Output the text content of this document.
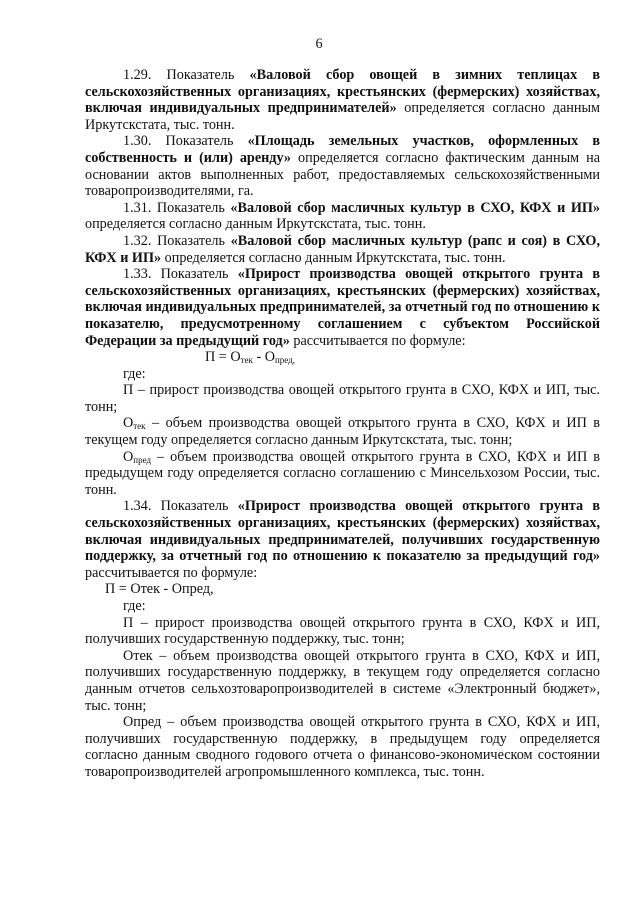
6

1.29. Показатель «Валовой сбор овощей в зимних теплицах в сельскохозяйственных организациях, крестьянских (фермерских) хозяйствах, включая индивидуальных предпринимателей» определяется согласно данным Иркутскстата, тыс. тонн.

1.30. Показатель «Площадь земельных участков, оформленных в собственность и (или) аренду» определяется согласно фактическим данным на основании актов выполненных работ, предоставляемых сельскохозяйственными товаропроизводителями, га.

1.31. Показатель «Валовой сбор масличных культур в СХО, КФХ и ИП» определяется согласно данным Иркутскстата, тыс. тонн.

1.32. Показатель «Валовой сбор масличных культур (рапс и соя) в СХО, КФХ и ИП» определяется согласно данным Иркутскстата, тыс. тонн.

1.33. Показатель «Прирост производства овощей открытого грунта в сельскохозяйственных организациях, крестьянских (фермерских) хозяйствах, включая индивидуальных предпринимателей, за отчетный год по отношению к показателю, предусмотренному соглашением с субъектом Российской Федерации за предыдущий год» рассчитывается по формуле:

$П = О_{тек} - О_{пред,}$

где:

П – прирост производства овощей открытого грунта в СХО, КФХ и ИП, тыс. тонн;

$О_{тек}$ – объем производства овощей открытого грунта в СХО, КФХ и ИП в текущем году определяется согласно данным Иркутскстата, тыс. тонн;

$О_{пред}$ – объем производства овощей открытого грунта в СХО, КФХ и ИП в предыдущем году определяется согласно соглашению с Минсельхозом России, тыс. тонн.

1.34. Показатель «Прирост производства овощей открытого грунта в сельскохозяйственных организациях, крестьянских (фермерских) хозяйствах, включая индивидуальных предпринимателей, получивших государственную поддержку, за отчетный год по отношению к показателю за предыдущий год» рассчитывается по формуле:

П = Отек - Опред,

где:

П – прирост производства овощей открытого грунта в СХО, КФХ и ИП, получивших государственную поддержку, тыс. тонн;

Отек – объем производства овощей открытого грунта в СХО, КФХ и ИП, получивших государственную поддержку, в текущем году определяется согласно данным отчетов сельхозтоваропроизводителей в системе «Электронный бюджет», тыс. тонн;

Опред – объем производства овощей открытого грунта в СХО, КФХ и ИП, получивших государственную поддержку, в предыдущем году определяется согласно данным сводного годового отчета о финансово-экономическом состоянии товаропроизводителей агропромышленного комплекса, тыс. тонн.
